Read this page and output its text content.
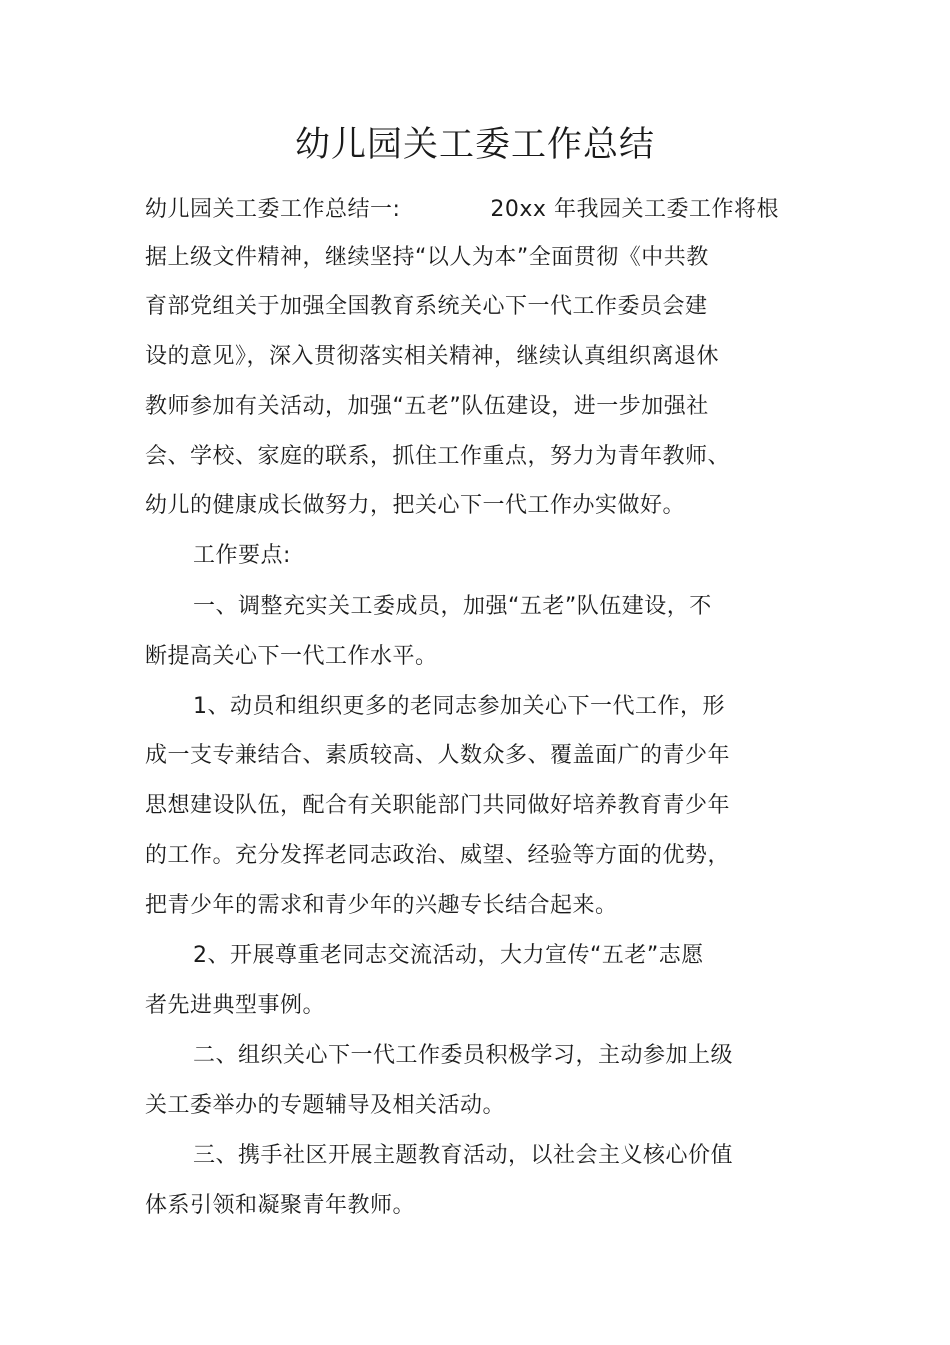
幼儿园关工委工作总结
幼儿园关工委工作总结一:	20xx 年我园关工委工作将根
据上级文件精神，继续坚持“以人为本”全面贯彻《中共教
育部党组关于加强全国教育系统关心下一代工作委员会建
设的意见》，深入贯彻落实相关精神，继续认真组织离退休
教师参加有关活动，加强“五老”队伍建设，进一步加强社
会、学校、家庭的联系，抓住工作重点，努力为青年教师、
幼儿的健康成长做努力，把关心下一代工作办实做好。
工作要点:
一、调整充实关工委成员，加强“五老”队伍建设，不
断提高关心下一代工作水平。
1、动员和组织更多的老同志参加关心下一代工作，形
成一支专兼结合、素质较高、人数众多、覆盖面广的青少年
思想建设队伍，配合有关职能部门共同做好培养教育青少年
的工作。充分发挥老同志政治、威望、经验等方面的优势，
把青少年的需求和青少年的兴趣专长结合起来。
2、开展尊重老同志交流活动，大力宣传“五老”志愿
者先进典型事例。
二、组织关心下一代工作委员积极学习，主动参加上级
关工委举办的专题辅导及相关活动。
三、携手社区开展主题教育活动，以社会主义核心价值
体系引领和凝聚青年教师。
